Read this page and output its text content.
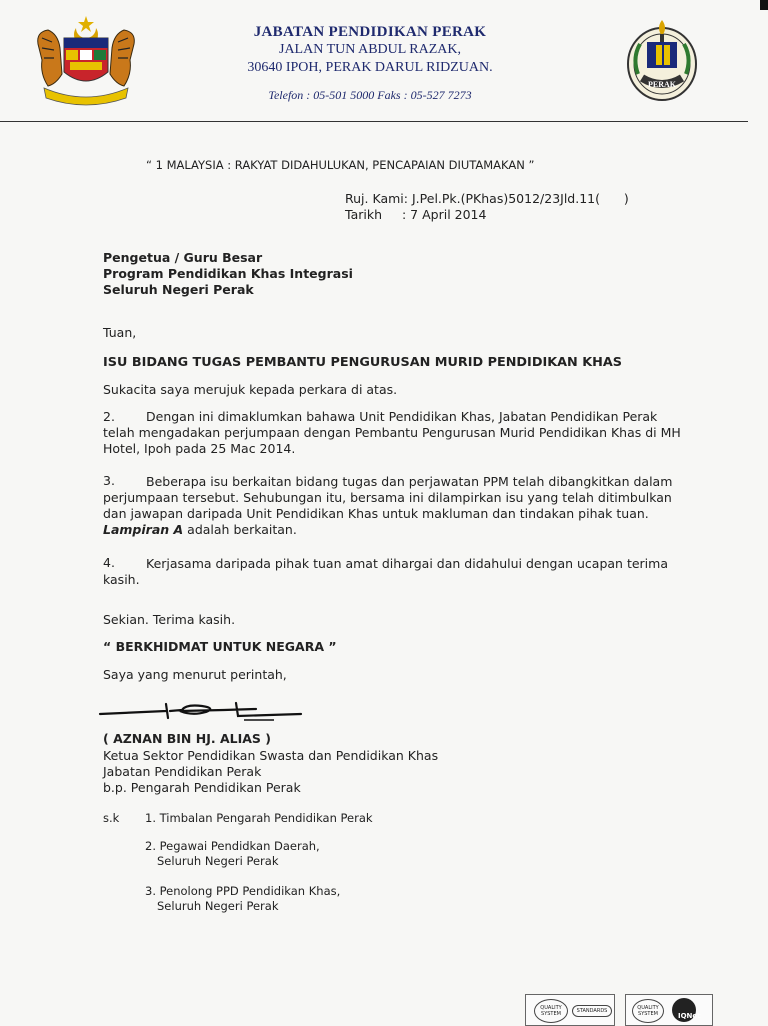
JABATAN PENDIDIKAN PERAK
JALAN TUN ABDUL RAZAK,
30640 IPOH, PERAK DARUL RIDZUAN.
Telefon : 05-501 5000 Faks : 05-527 7273
PERAK
“ 1 MALAYSIA : RAKYAT DIDAHULUKAN, PENCAPAIAN DIUTAMAKAN ”
Ruj. Kami: J.Pel.Pk.(PKhas)5012/23Jld.11(      )
Tarikh : 7 April 2014
Pengetua / Guru Besar
Program Pendidikan Khas Integrasi
Seluruh Negeri Perak
Tuan,
ISU BIDANG TUGAS PEMBANTU PENGURUSAN MURID PENDIDIKAN KHAS
Sukacita saya merujuk kepada perkara di atas.
2. Dengan ini dimaklumkan bahawa Unit Pendidikan Khas, Jabatan Pendidikan Perak
telah mengadakan perjumpaan dengan Pembantu Pengurusan Murid Pendidikan Khas di MH
Hotel, Ipoh pada 25 Mac 2014.
3. Beberapa isu berkaitan bidang tugas dan perjawatan PPM telah dibangkitkan dalam
perjumpaan tersebut. Sehubungan itu, bersama ini dilampirkan isu yang telah ditimbulkan
dan jawapan daripada Unit Pendidikan Khas untuk makluman dan tindakan pihak tuan.
Lampiran A adalah berkaitan.
4. Kerjasama daripada pihak tuan amat dihargai dan didahului dengan ucapan terima
kasih.
Sekian. Terima kasih.
“ BERKHIDMAT UNTUK NEGARA ”
Saya yang menurut perintah,
( AZNAN BIN HJ. ALIAS )
Ketua Sektor Pendidikan Swasta dan Pendidikan Khas
Jabatan Pendidikan Perak
b.p. Pengarah Pendidikan Perak
s.k 1. Timbalan Pengarah Pendidikan Perak
2. Pegawai Pendidkan Daerah,
Seluruh Negeri Perak
3. Penolong PPD Pendidikan Khas,
Seluruh Negeri Perak
QUALITY SYSTEM	STANDARDS	QUALITY SYSTEM	IQNet
